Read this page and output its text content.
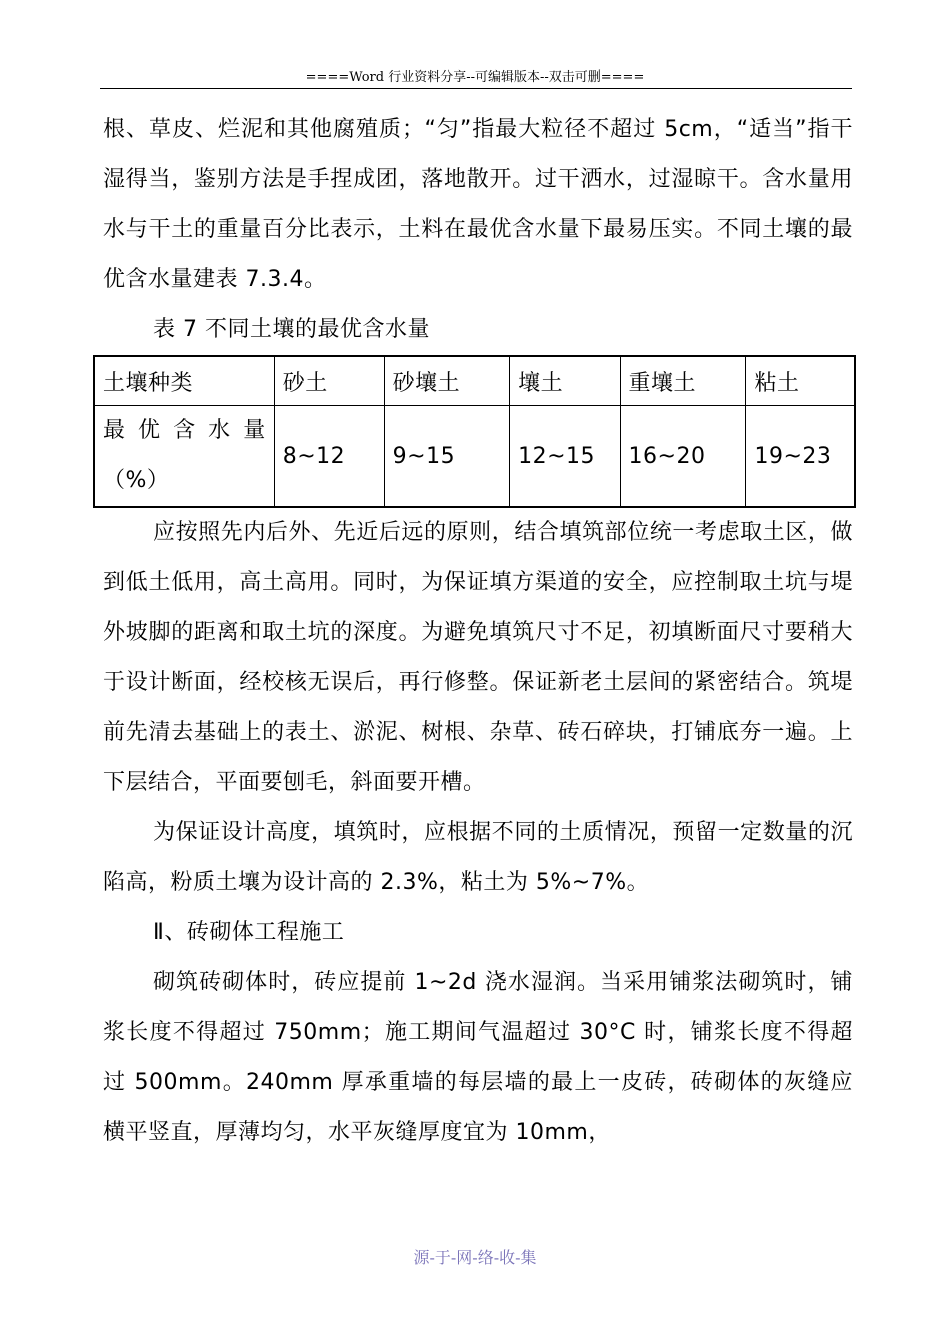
====Word 行业资料分享--可编辑版本--双击可删====

根、草皮、烂泥和其他腐殖质；“匀”指最大粒径不超过 5cm，“适当”指干湿得当，鉴别方法是手捏成团，落地散开。过干洒水，过湿晾干。含水量用水与干土的重量百分比表示，土料在最优含水量下最易压实。不同土壤的最优含水量建表 7.3.4。

表 7 不同土壤的最优含水量

土壤种类	砂土	砂壤土	壤土	重壤土	粘土
最 优 含 水 量（%）	8~12	9~15	12~15	16~20	19~23

应按照先内后外、先近后远的原则，结合填筑部位统一考虑取土区，做到低土低用，高土高用。同时，为保证填方渠道的安全，应控制取土坑与堤外坡脚的距离和取土坑的深度。为避免填筑尺寸不足，初填断面尺寸要稍大于设计断面，经校核无误后，再行修整。保证新老土层间的紧密结合。筑堤前先清去基础上的表土、淤泥、树根、杂草、砖石碎块，打铺底夯一遍。上下层结合，平面要刨毛，斜面要开槽。

为保证设计高度，填筑时，应根据不同的土质情况，预留一定数量的沉陷高，粉质土壤为设计高的 2.3%，粘土为 5%~7%。

Ⅱ、砖砌体工程施工

砌筑砖砌体时，砖应提前 1~2d 浇水湿润。当采用铺浆法砌筑时，铺浆长度不得超过 750mm；施工期间气温超过 30°C 时，铺浆长度不得超过 500mm。240mm 厚承重墙的每层墙的最上一皮砖，砖砌体的灰缝应横平竖直，厚薄均匀，水平灰缝厚度宜为 10mm，

源-于-网-络-收-集
